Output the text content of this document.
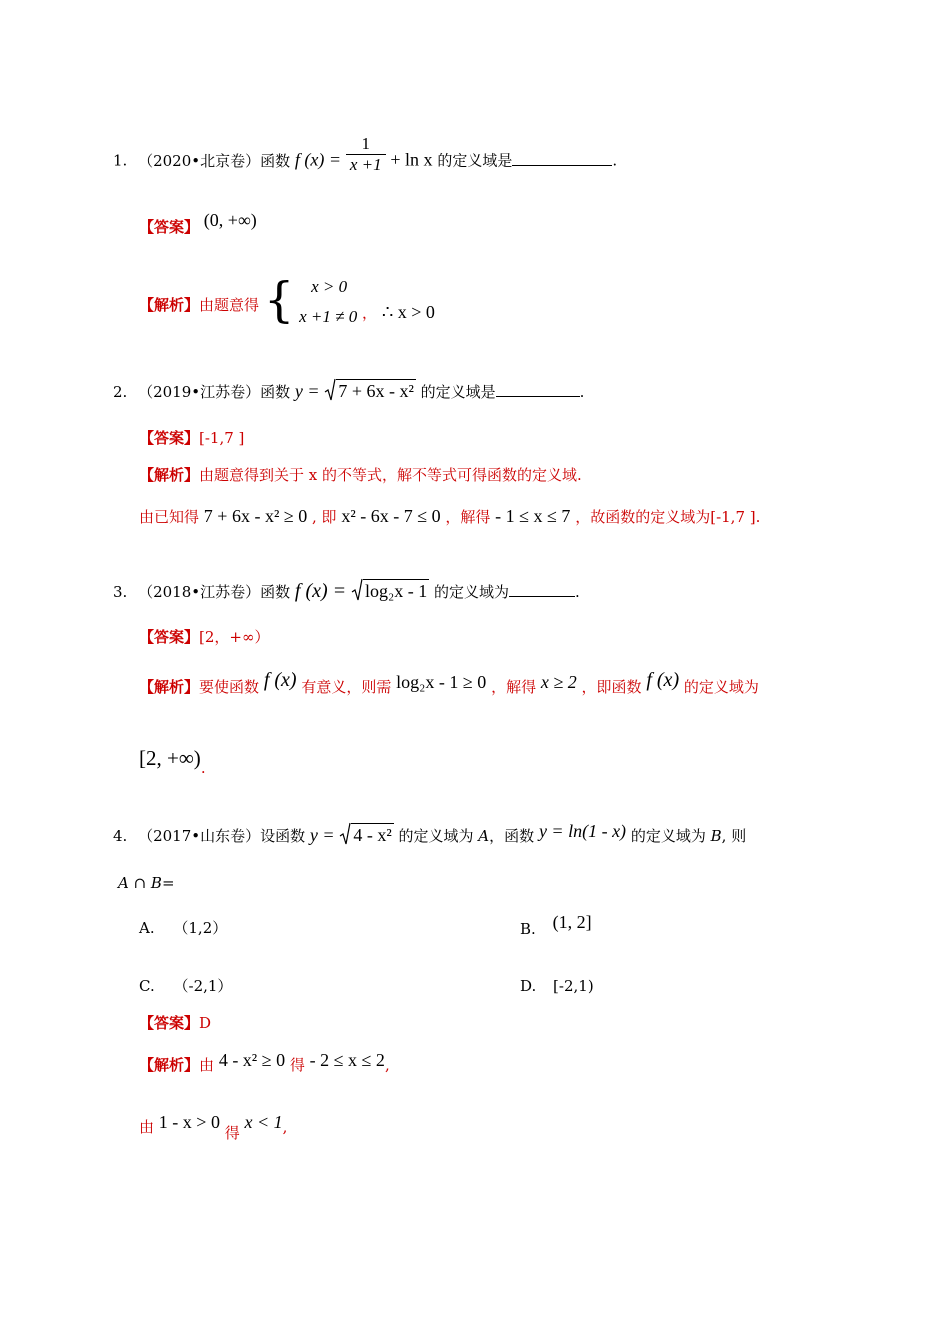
1. （2020•北京卷）函数 f $(x) = \frac{1}{x +1} + \ln x$ 的定义域是	.
【答案】 (0, +∞)
【解析】由题意得 { x > 0
x +1 ≠ 0 ， ∴ x > 0
2. （2019•江苏卷）函数 y = 7 + 6x - x² 的定义域是	.
【答案】[-1,7 ]
【解析】由题意得到关于 x 的不等式，解不等式可得函数的定义域.
由已知得 7 + 6x - x² ≥ 0 , 即 x² - 6x - 7 ≤ 0 ，解得 - 1 ≤ x ≤ 7 ，故函数的定义域为[-1,7 ].
3. （2018•江苏卷）函数 f (x) = log₂x - 1 的定义域为	.
【答案】[2，+∞）
【解析】要使函数 f (x) 有意义，则需 log₂x - 1 ≥ 0 ，解得 x ≥ 2 ，即函数 f (x) 的定义域为
[2, +∞).
4. （2017•山东卷）设函数 y = 4 - x² 的定义域为 A，函数 y = ln(1 - x) 的定义域为 B, 则
A ∩ B=
A. （1,2）	B. (1, 2]
C. （-2,1）	D. [-2,1)
【答案】D
【解析】由 4 - x² ≥ 0 得 - 2 ≤ x ≤ 2,
由 1 - x > 0 得 x < 1,
